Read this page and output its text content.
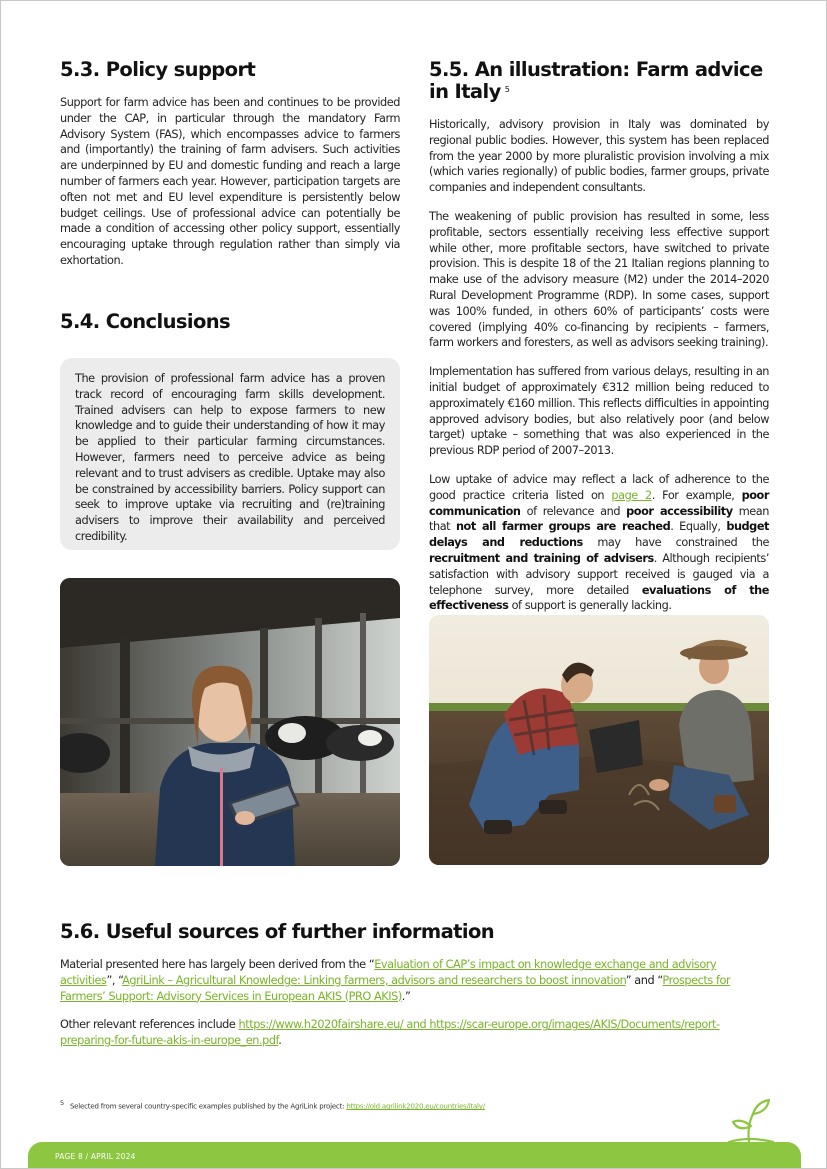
5.3. Policy support

Support for farm advice has been and continues to be provided under the CAP, in particular through the mandatory Farm Advisory System (FAS), which encompasses advice to farmers and (importantly) the training of farm advisers. Such activities are underpinned by EU and domestic funding and reach a large number of farmers each year. However, participation targets are often not met and EU level expenditure is persistently below budget ceilings. Use of professional advice can potentially be made a condition of accessing other policy support, essentially encouraging uptake through regulation rather than simply via exhortation.

5.4. Conclusions

The provision of professional farm advice has a proven track record of encouraging farm skills development. Trained advisers can help to expose farmers to new knowledge and to guide their understanding of how it may be applied to their particular farming circumstances. However, farmers need to perceive advice as being relevant and to trust advisers as credible. Uptake may also be constrained by accessibility barriers. Policy support can seek to improve uptake via recruiting and (re)training advisers to improve their availability and perceived credibility.

5.5. An illustration: Farm advice in Italy $^5$

Historically, advisory provision in Italy was dominated by regional public bodies. However, this system has been replaced from the year 2000 by more pluralistic provision involving a mix (which varies regionally) of public bodies, farmer groups, private companies and independent consultants.

The weakening of public provision has resulted in some, less profitable, sectors essentially receiving less effective support while other, more profitable sectors, have switched to private provision. This is despite 18 of the 21 Italian regions planning to make use of the advisory measure (M2) under the 2014–2020 Rural Development Programme (RDP). In some cases, support was 100% funded, in others 60% of participants’ costs were covered (implying 40% co-financing by recipients – farmers, farm workers and foresters, as well as advisors seeking training).

Implementation has suffered from various delays, resulting in an initial budget of approximately €312 million being reduced to approximately €160 million. This reflects difficulties in appointing approved advisory bodies, but also relatively poor (and below target) uptake – something that was also experienced in the previous RDP period of 2007–2013.

Low uptake of advice may reflect a lack of adherence to the good practice criteria listed on page 2. For example, poor communication of relevance and poor accessibility mean that not all farmer groups are reached. Equally, budget delays and reductions may have constrained the recruitment and training of advisers. Although recipients’ satisfaction with advisory support received is gauged via a telephone survey, more detailed evaluations of the effectiveness of support is generally lacking.

5.6. Useful sources of further information

Material presented here has largely been derived from the “Evaluation of CAP’s impact on knowledge exchange and advisory activities”, “AgriLink – Agricultural Knowledge: Linking farmers, advisors and researchers to boost innovation” and “Prospects for Farmers’ Support: Advisory Services in European AKIS (PRO AKIS).”

Other relevant references include https://www.h2020fairshare.eu/ and https://scar-europe.org/images/AKIS/Documents/report-preparing-for-future-akis-in-europe_en.pdf.

$^5$ Selected from several country-specific examples published by the AgriLink project: https://old.agrilink2020.eu/countries/italy/
PAGE 8 / APRIL 2024
